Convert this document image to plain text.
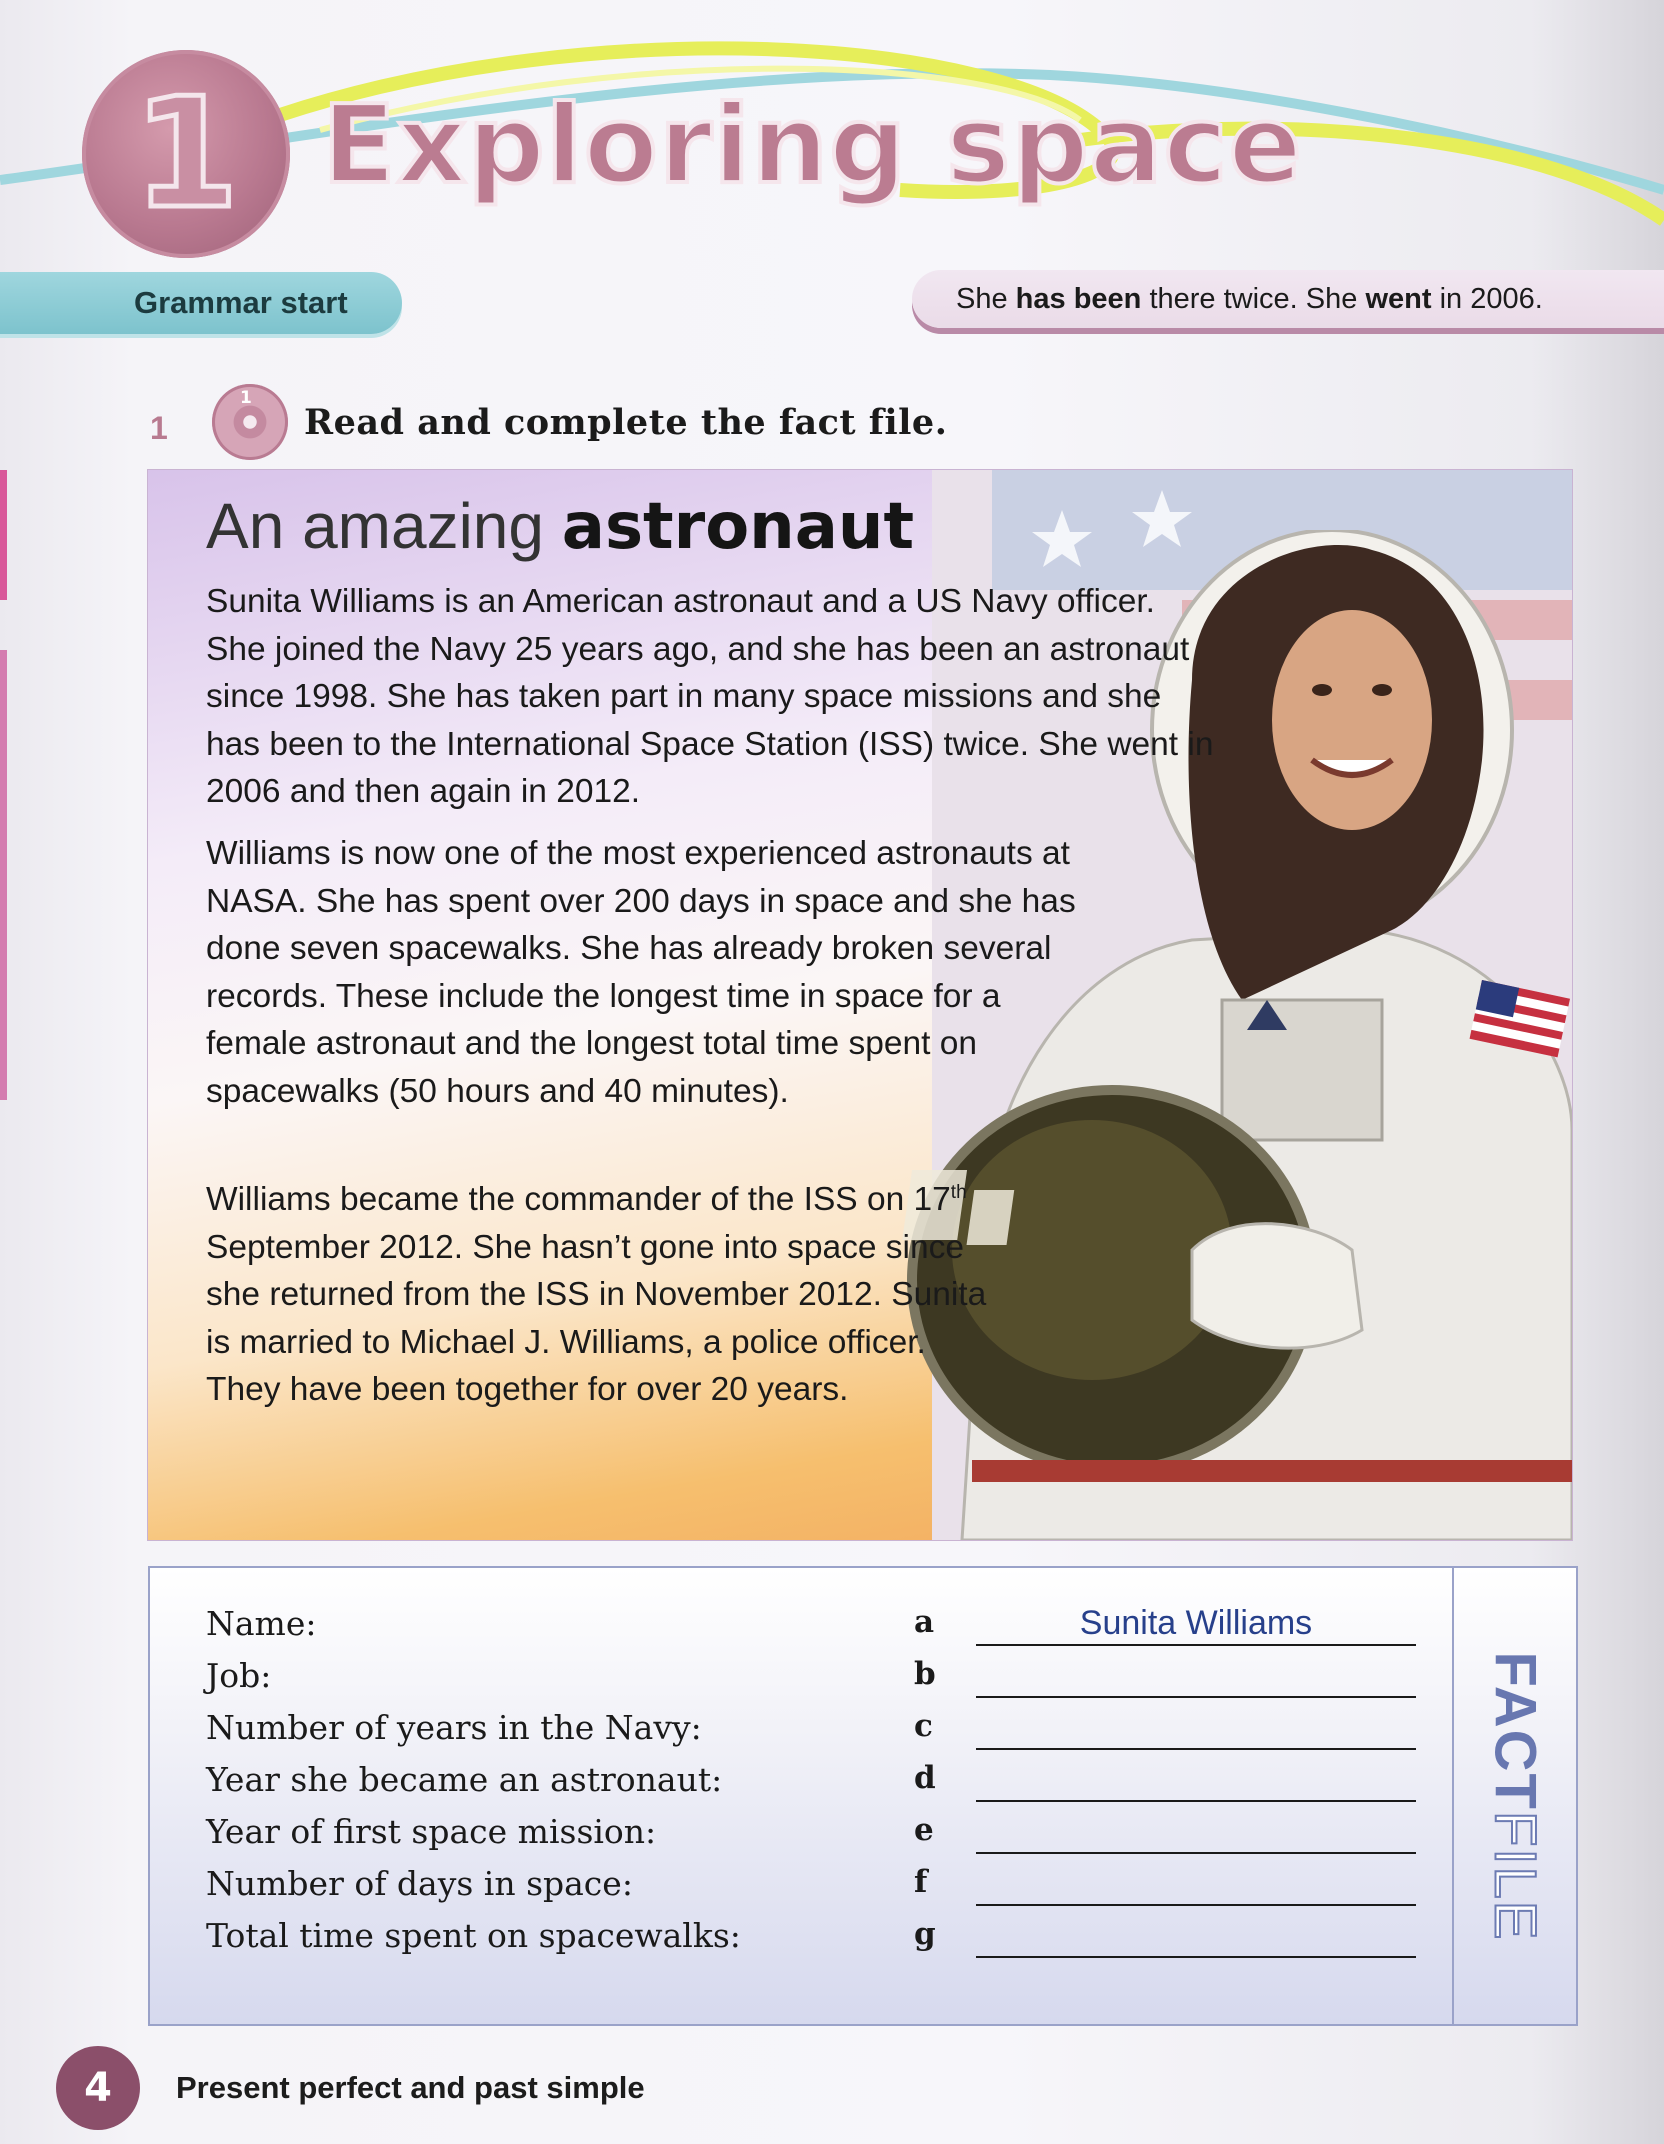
1 Exploring space
Grammar start	She has been there twice. She went in 2006.
1
1
Read and complete the fact file.
An amazing astronaut

Sunita Williams is an American astronaut and a US Navy officer. She joined the Navy 25 years ago, and she has been an astronaut since 1998. She has taken part in many space missions and she has been to the International Space Station (ISS) twice. She went in 2006 and then again in 2012.

Williams is now one of the most experienced astronauts at NASA. She has spent over 200 days in space and she has done seven spacewalks. She has already broken several records. These include the longest time in space for a female astronaut and the longest total time spent on spacewalks (50 hours and 40 minutes).

Williams became the commander of the ISS on 17th September 2012. She hasn’t gone into space since she returned from the ISS in November 2012. Sunita is married to Michael J. Williams, a police officer. They have been together for over 20 years.

Name:	a	Sunita Williams
Job:	b
Number of years in the Navy:	c
Year she became an astronaut:	d
Year of first space mission:	e
Number of days in space:	f
Total time spent on spacewalks:	g
FACTFILE
4 Present perfect and past simple
